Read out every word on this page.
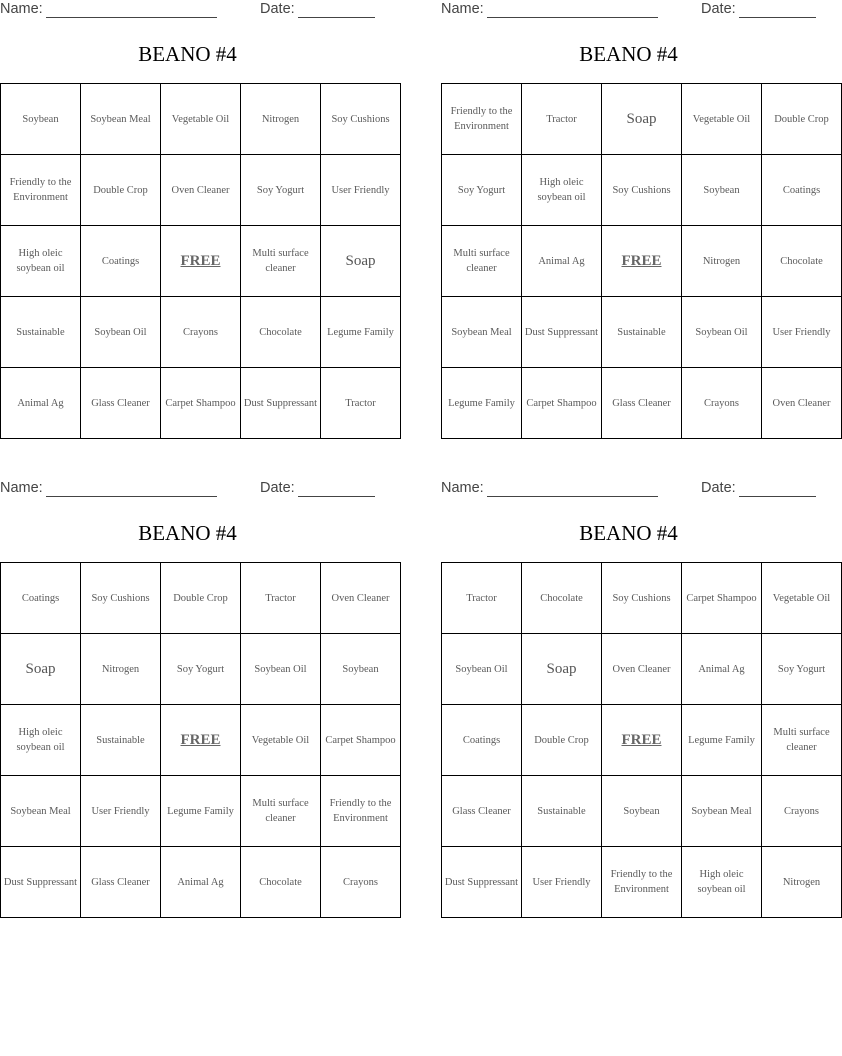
Name:	Date:
BEANO #4
Soybean	Soybean Meal	Vegetable Oil	Nitrogen	Soy Cushions
Friendly to the Environment	Double Crop	Oven Cleaner	Soy Yogurt	User Friendly
High oleic soybean oil	Coatings	FREE	Multi surface cleaner	Soap
Sustainable	Soybean Oil	Crayons	Chocolate	Legume Family
Animal Ag	Glass Cleaner	Carpet Shampoo	Dust Suppressant	Tractor
Name:	Date:
BEANO #4
Friendly to the Environment	Tractor	Soap	Vegetable Oil	Double Crop
Soy Yogurt	High oleic soybean oil	Soy Cushions	Soybean	Coatings
Multi surface cleaner	Animal Ag	FREE	Nitrogen	Chocolate
Soybean Meal	Dust Suppressant	Sustainable	Soybean Oil	User Friendly
Legume Family	Carpet Shampoo	Glass Cleaner	Crayons	Oven Cleaner
Name:	Date:
BEANO #4
Coatings	Soy Cushions	Double Crop	Tractor	Oven Cleaner
Soap	Nitrogen	Soy Yogurt	Soybean Oil	Soybean
High oleic soybean oil	Sustainable	FREE	Vegetable Oil	Carpet Shampoo
Soybean Meal	User Friendly	Legume Family	Multi surface cleaner	Friendly to the Environment
Dust Suppressant	Glass Cleaner	Animal Ag	Chocolate	Crayons
Name:	Date:
BEANO #4
Tractor	Chocolate	Soy Cushions	Carpet Shampoo	Vegetable Oil
Soybean Oil	Soap	Oven Cleaner	Animal Ag	Soy Yogurt
Coatings	Double Crop	FREE	Legume Family	Multi surface cleaner
Glass Cleaner	Sustainable	Soybean	Soybean Meal	Crayons
Dust Suppressant	User Friendly	Friendly to the Environment	High oleic soybean oil	Nitrogen
